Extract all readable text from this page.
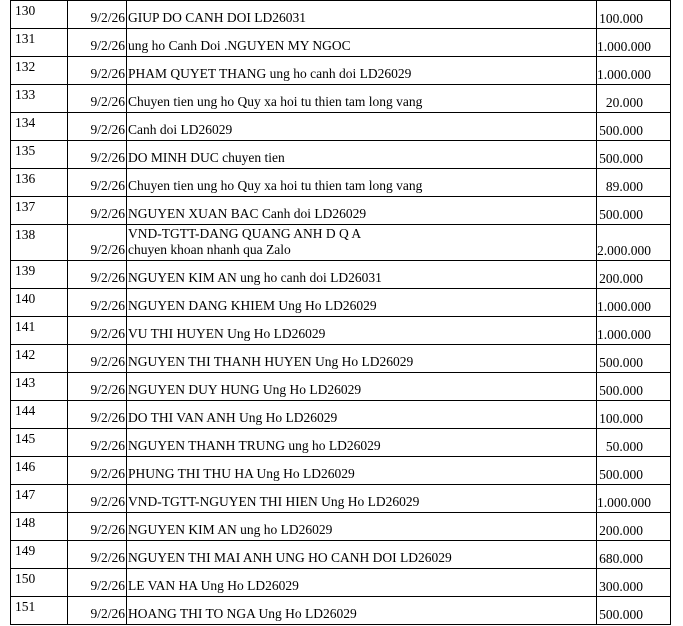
130	9/2/26	GIUP DO CANH DOI LD26031	100.000
131	9/2/26	ung ho Canh Doi .NGUYEN MY NGOC	1.000.000
132	9/2/26	PHAM QUYET THANG ung ho canh doi LD26029	1.000.000
133	9/2/26	Chuyen tien ung ho Quy xa hoi tu thien tam long vang	20.000
134	9/2/26	Canh doi LD26029	500.000
135	9/2/26	DO MINH DUC chuyen tien	500.000
136	9/2/26	Chuyen tien ung ho Quy xa hoi tu thien tam long vang	89.000
137	9/2/26	NGUYEN XUAN BAC Canh doi LD26029	500.000
138	9/2/26	VND-TGTT-DANG QUANG ANH D Q A
chuyen khoan nhanh qua Zalo	2.000.000
139	9/2/26	NGUYEN KIM AN ung ho canh doi LD26031	200.000
140	9/2/26	NGUYEN DANG KHIEM Ung Ho LD26029	1.000.000
141	9/2/26	VU THI HUYEN Ung Ho LD26029	1.000.000
142	9/2/26	NGUYEN THI THANH HUYEN Ung Ho LD26029	500.000
143	9/2/26	NGUYEN DUY HUNG Ung Ho LD26029	500.000
144	9/2/26	DO THI VAN ANH Ung Ho LD26029	100.000
145	9/2/26	NGUYEN THANH TRUNG ung ho LD26029	50.000
146	9/2/26	PHUNG THI THU HA Ung Ho LD26029	500.000
147	9/2/26	VND-TGTT-NGUYEN THI HIEN Ung Ho LD26029	1.000.000
148	9/2/26	NGUYEN KIM AN ung ho LD26029	200.000
149	9/2/26	NGUYEN THI MAI ANH UNG HO CANH DOI LD26029	680.000
150	9/2/26	LE VAN HA Ung Ho LD26029	300.000
151	9/2/26	HOANG THI TO NGA Ung Ho LD26029	500.000
